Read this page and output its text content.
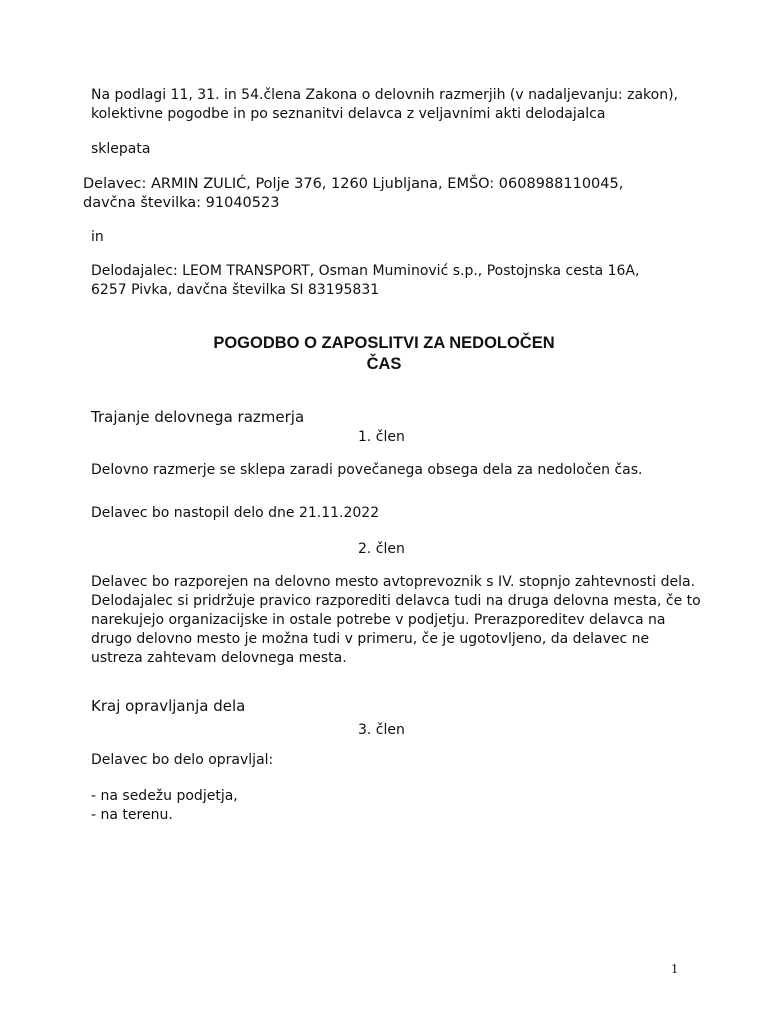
Na podlagi 11, 31. in 54.člena Zakona o delovnih razmerjih (v nadaljevanju: zakon),
kolektivne pogodbe in po seznanitvi delavca z veljavnimi akti delodajalca
sklepata
Delavec: ARMIN ZULIĆ, Polje 376, 1260 Ljubljana, EMŠO: 0608988110045,
davčna številka: 91040523
in
Delodajalec: LEOM TRANSPORT, Osman Muminović s.p., Postojnska cesta 16A,
6257 Pivka, davčna številka SI 83195831
POGODBO O ZAPOSLITVI ZA NEDOLOČEN
ČAS
Trajanje delovnega razmerja
1. člen
Delovno razmerje se sklepa zaradi povečanega obsega dela za nedoločen čas.
Delavec bo nastopil delo dne 21.11.2022
2. člen
Delavec bo razporejen na delovno mesto avtoprevoznik s IV. stopnjo zahtevnosti dela.
Delodajalec si pridržuje pravico razporediti delavca tudi na druga delovna mesta, če to
narekujejo organizacijske in ostale potrebe v podjetju. Prerazporeditev delavca na
drugo delovno mesto je možna tudi v primeru, če je ugotovljeno, da delavec ne
ustreza zahtevam delovnega mesta.
Kraj opravljanja dela
3. člen
Delavec bo delo opravljal:
- na sedežu podjetja,
- na terenu.
1
